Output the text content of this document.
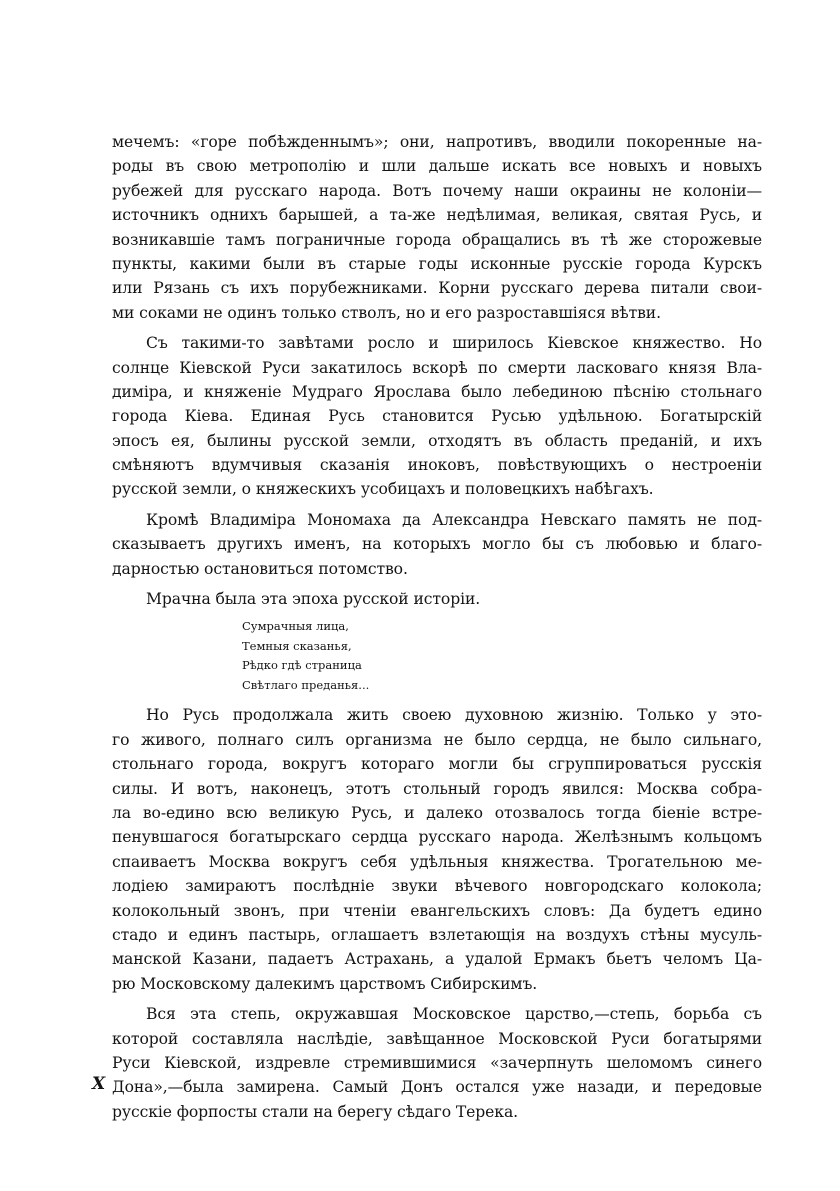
мечемъ: «горе побѣжденнымъ»; они, напротивъ, вводили покоренные на-
роды въ свою метрополію и шли дальше искать все новыхъ и новыхъ
рубежей для русскаго народа. Вотъ почему наши окраины не колоніи—
источникъ однихъ барышей, а та-же недѣлимая, великая, святая Русь, и
возникавшіе тамъ пограничные города обращались въ тѣ же сторожевые
пункты, какими были въ старые годы исконные русскіе города Курскъ
или Рязань съ ихъ порубежниками. Корни русскаго дерева питали свои-
ми соками не одинъ только стволъ, но и его разроставшіяся вѣтви.
Съ такими-то завѣтами росло и ширилось Кіевское княжество. Но
солнце Кіевской Руси закатилось вскорѣ по смерти ласковаго князя Вла-
диміра, и княженіе Мудраго Ярослава было лебединою пѣснію стольнаго
города Кіева. Единая Русь становится Русью удѣльною. Богатырскій
эпосъ ея, былины русской земли, отходятъ въ область преданій, и ихъ
смѣняютъ вдумчивыя сказанія иноковъ, повѣствующихъ о нестроеніи
русской земли, о княжескихъ усобицахъ и половецкихъ набѣгахъ.
Кромѣ Владиміра Мономаха да Александра Невскаго память не под-
сказываетъ другихъ именъ, на которыхъ могло бы съ любовью и благо-
дарностью остановиться потомство.
Мрачна была эта эпоха русской исторіи.
Сумрачныя лица,
Темныя сказанья,
Рѣдко гдѣ страница
Свѣтлаго преданья...
Но Русь продолжала жить своею духовною жизнію. Только у это-
го живого, полнаго силъ организма не было сердца, не было сильнаго,
стольнаго города, вокругъ котораго могли бы сгруппироваться русскія
силы. И вотъ, наконецъ, этотъ стольный городъ явился: Москва собра-
ла во-едино всю великую Русь, и далеко отозвалось тогда біеніе встре-
пенувшагося богатырскаго сердца русскаго народа. Желѣзнымъ кольцомъ
спаиваетъ Москва вокругъ себя удѣльныя княжества. Трогательною ме-
лодіею замираютъ послѣдніе звуки вѣчевого новгородскаго колокола;
колокольный звонъ, при чтеніи евангельскихъ словъ: Да будетъ едино
стадо и единъ пастырь, оглашаетъ взлетающія на воздухъ стѣны мусуль-
манской Казани, падаетъ Астрахань, а удалой Ермакъ бьетъ челомъ Ца-
рю Московскому далекимъ царствомъ Сибирскимъ.
Вся эта степь, окружавшая Московское царство,—степь, борьба съ
которой составляла наслѣдіе, завѣщанное Московской Руси богатырями
Руси Кіевской, издревле стремившимися «зачерпнуть шеломомъ синего
Дона»,—была замирена. Самый Донъ остался уже назади, и передовые
русскіе форпосты стали на берегу сѣдаго Терека.
X
